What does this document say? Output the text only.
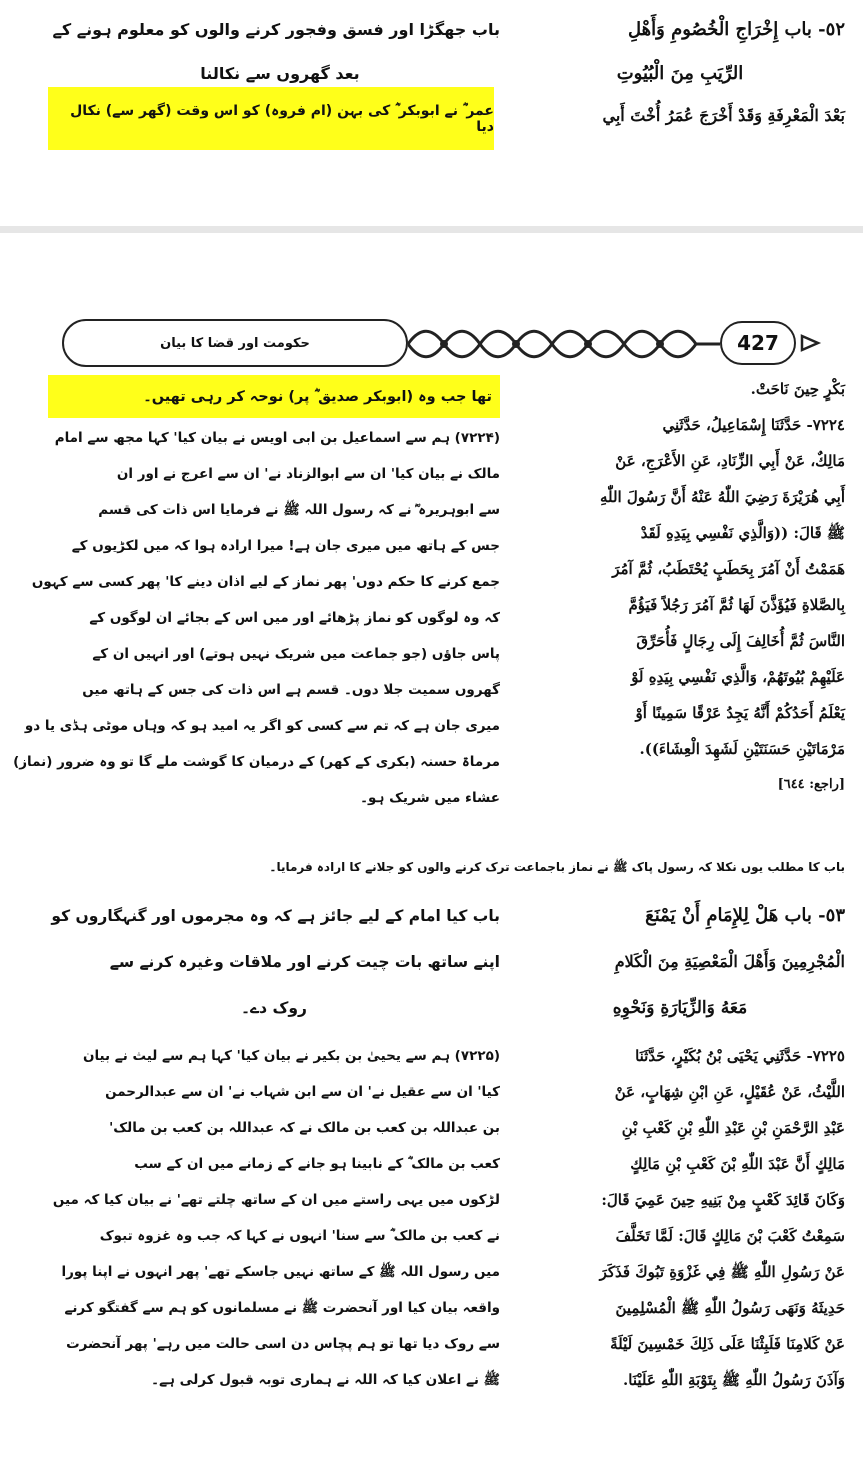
٥٢- باب إِخْرَاجِ الْخُصُومِ وَأَهْلِ
الرِّيَبِ مِنَ الْبُيُوتِ
بَعْدَ الْمَعْرِفَةِ وَقَدْ أَخْرَجَ عُمَرُ أُخْتَ أَبِي
باب جھگڑا اور فسق وفجور کرنے والوں کو معلوم ہونے کے
بعد گھروں سے نکالنا
عمر ؓ نے ابوبکر ؓ کی بہن (ام فروہ) کو اس وقت (گھر سے) نکال دیا
حکومت اور قضا کا بیان	427
بَكْرٍ حِينَ نَاحَتْ.
٧٢٢٤- حَدَّثَنَا إِسْمَاعِيلُ، حَدَّثَنِي
مَالِكٌ، عَنْ أَبِي الزِّنَادِ، عَنِ الأَعْرَجِ، عَنْ
أَبِي هُرَيْرَةَ رَضِيَ اللّٰهُ عَنْهُ أَنَّ رَسُولَ اللّٰهِ
ﷺ قَالَ: ((وَالَّذِي نَفْسِي بِيَدِهِ لَقَدْ
هَمَمْتُ أَنْ آمُرَ بِحَطَبٍ يُحْتَطَبُ، ثُمَّ آمُرَ
بِالصَّلاةِ فَيُؤَذَّنَ لَهَا ثُمَّ آمُرَ رَجُلاً فَيَؤُمَّ
النَّاسَ ثُمَّ أُخَالِفَ إِلَى رِجَالٍ فَأُحَرِّقَ
عَلَيْهِمْ بُيُوتَهُمْ، وَالَّذِي نَفْسِي بِيَدِهِ لَوْ
يَعْلَمُ أَحَدُكُمْ أَنَّهُ يَجِدُ عَرْقًا سَمِينًا أَوْ
مَرْمَاتَيْنِ حَسَنَتَيْنِ لَشَهِدَ الْعِشَاءَ)).
[راجع: ٦٤٤]
تھا جب وہ (ابوبکر صدیق ؓ پر) نوحہ کر رہی تھیں۔
(۷۲۲۴) ہم سے اسماعیل بن ابی اویس نے بیان کیا' کہا مجھ سے امام
مالک نے بیان کیا' ان سے ابوالزناد نے' ان سے اعرج نے اور ان
سے ابوہریرہ ؓ نے کہ رسول اللہ ﷺ نے فرمایا اس ذات کی قسم
جس کے ہاتھ میں میری جان ہے! میرا ارادہ ہوا کہ میں لکڑیوں کے
جمع کرنے کا حکم دوں' پھر نماز کے لیے اذان دینے کا' پھر کسی سے کہوں
کہ وہ لوگوں کو نماز پڑھائے اور میں اس کے بجائے ان لوگوں کے
پاس جاؤں (جو جماعت میں شریک نہیں ہوتے) اور انہیں ان کے
گھروں سمیت جلا دوں۔ قسم ہے اس ذات کی جس کے ہاتھ میں
میری جان ہے کہ تم سے کسی کو اگر یہ امید ہو کہ وہاں موٹی ہڈی یا دو
مرماۃ حسنہ (بکری کے کھر) کے درمیان کا گوشت ملے گا تو وہ ضرور (نماز)
عشاء میں شریک ہو۔
باب کا مطلب یوں نکلا کہ رسول پاک ﷺ نے نماز باجماعت ترک کرنے والوں کو جلانے کا ارادہ فرمایا۔
٥٣- باب هَلْ لِلإِمَامِ أَنْ يَمْنَعَ
الْمُجْرِمِينَ وَأَهْلَ الْمَعْصِيَةِ مِنَ الْكَلامِ
مَعَهُ وَالزِّيَارَةِ وَنَحْوِهِ
باب کیا امام کے لیے جائز ہے کہ وہ مجرموں اور گنہگاروں کو
اپنے ساتھ بات چیت کرنے اور ملاقات وغیرہ کرنے سے
روک دے۔
٧٢٢٥- حَدَّثَنِي يَحْيَى بْنُ بُكَيْرٍ، حَدَّثَنَا
اللَّيْثُ، عَنْ عُقَيْلٍ، عَنِ ابْنِ شِهَابٍ، عَنْ
عَبْدِ الرَّحْمَنِ بْنِ عَبْدِ اللّٰهِ بْنِ كَعْبِ بْنِ
مَالِكٍ أَنَّ عَبْدَ اللّٰهِ بْنَ كَعْبِ بْنِ مَالِكٍ
وَكَانَ قَائِدَ كَعْبٍ مِنْ بَنِيهِ حِينَ عَمِيَ قَالَ:
سَمِعْتُ كَعْبَ بْنَ مَالِكٍ قَالَ: لَمَّا تَخَلَّفَ
عَنْ رَسُولِ اللّٰهِ ﷺ فِي غَزْوَةِ تَبُوكَ فَذَكَرَ
حَدِيثَهُ وَنَهَى رَسُولُ اللّٰهِ ﷺ الْمُسْلِمِينَ
عَنْ كَلامِنَا فَلَبِثْنَا عَلَى ذَلِكَ خَمْسِينَ لَيْلَةً
وَآذَنَ رَسُولُ اللّٰهِ ﷺ بِتَوْبَةِ اللّٰهِ عَلَيْنَا.
(۷۲۲۵) ہم سے یحییٰ بن بکیر نے بیان کیا' کہا ہم سے لیث نے بیان
کیا' ان سے عقیل نے' ان سے ابن شہاب نے' ان سے عبدالرحمن
بن عبداللہ بن کعب بن مالک نے کہ عبداللہ بن کعب بن مالک'
کعب بن مالک ؓ کے نابینا ہو جانے کے زمانے میں ان کے سب
لڑکوں میں یہی راستے میں ان کے ساتھ چلتے تھے' نے بیان کیا کہ میں
نے کعب بن مالک ؓ سے سنا' انہوں نے کہا کہ جب وہ غزوہ تبوک
میں رسول اللہ ﷺ کے ساتھ نہیں جاسکے تھے' پھر انہوں نے اپنا پورا
واقعہ بیان کیا اور آنحضرت ﷺ نے مسلمانوں کو ہم سے گفتگو کرنے
سے روک دیا تھا تو ہم پچاس دن اسی حالت میں رہے' پھر آنحضرت
ﷺ نے اعلان کیا کہ اللہ نے ہماری توبہ قبول کرلی ہے۔
